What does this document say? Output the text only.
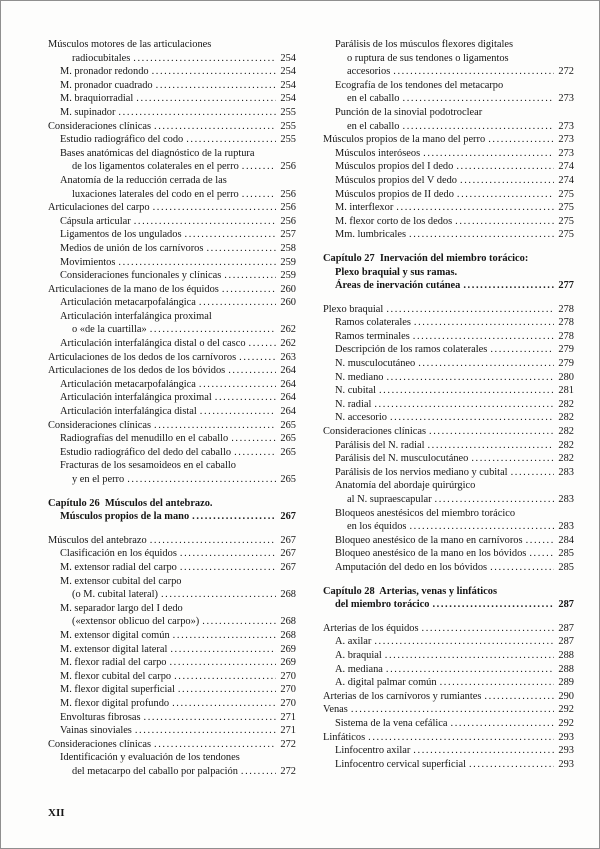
Músculos motores de las articulaciones
radiocubitales .....	254
M. pronador redondo .....	254
M. pronador cuadrado .....	254
M. braquiorradial .....	254
M. supinador .....	255
Consideraciones clínicas .....	255
Estudio radiográfico del codo .....	255
Bases anatómicas del diagnóstico de la ruptura
de los ligamentos colaterales en el perro .....	256
Anatomía de la reducción cerrada de las
luxaciones laterales del codo en el perro .....	256
Articulaciones del carpo .....	256
Cápsula articular .....	256
Ligamentos de los ungulados .....	257
Medios de unión de los carnívoros .....	258
Movimientos .....	259
Consideraciones funcionales y clínicas .....	259
Articulaciones de la mano de los équidos .....	260
Articulación metacarpofalángica .....	260
Articulación interfalángica proximal
o «de la cuartilla» .....	262
Articulación interfalángica distal o del casco .....	262
Articulaciones de los dedos de los carnívoros .....	263
Articulaciones de los dedos de los bóvidos .....	264
Articulación metacarpofalángica .....	264
Articulación interfalángica proximal .....	264
Articulación interfalángica distal .....	264
Consideraciones clínicas .....	265
Radiografías del menudillo en el caballo .....	265
Estudio radiográfico del dedo del caballo .....	265
Fracturas de los sesamoideos en el caballo
y en el perro .....	265
Capítulo 26  Músculos del antebrazo.
Músculos propios de la mano .....	267
Músculos del antebrazo .....	267
Clasificación en los équidos .....	267
M. extensor radial del carpo .....	267
M. extensor cubital del carpo
(o M. cubital lateral) .....	268
M. separador largo del I dedo
(«extensor oblicuo del carpo») .....	268
M. extensor digital común .....	268
M. extensor digital lateral .....	269
M. flexor radial del carpo .....	269
M. flexor cubital del carpo .....	270
M. flexor digital superficial .....	270
M. flexor digital profundo .....	270
Envolturas fibrosas .....	271
Vainas sinoviales .....	271
Consideraciones clínicas .....	272
Identificación y evaluación de los tendones
del metacarpo del caballo por palpación .....	272
Parálisis de los músculos flexores digitales
o ruptura de sus tendones o ligamentos
accesorios .....	272
Ecografía de los tendones del metacarpo
en el caballo .....	273
Punción de la sinovial podotroclear
en el caballo .....	273
Músculos propios de la mano del perro .....	273
Músculos interóseos .....	273
Músculos propios del I dedo .....	274
Músculos propios del V dedo .....	274
Músculos propios de II dedo .....	275
M. interflexor .....	275
M. flexor corto de los dedos .....	275
Mm. lumbricales .....	275
Capítulo 27  Inervación del miembro torácico:
Plexo braquial y sus ramas.
Áreas de inervación cutánea .....	277
Plexo braquial .....	278
Ramos colaterales .....	278
Ramos terminales .....	278
Descripción de los ramos colaterales .....	279
N. musculocutáneo .....	279
N. mediano .....	280
N. cubital .....	281
N. radial .....	282
N. accesorio .....	282
Consideraciones clínicas .....	282
Parálisis del N. radial .....	282
Parálisis del N. musculocutáneo .....	282
Parálisis de los nervios mediano y cubital .....	283
Anatomía del abordaje quirúrgico
al N. supraescapular .....	283
Bloqueos anestésicos del miembro torácico
en los équidos .....	283
Bloqueo anestésico de la mano en carnívoros .....	284
Bloqueo anestésico de la mano en los bóvidos .....	285
Amputación del dedo en los bóvidos .....	285
Capítulo 28  Arterias, venas y linfáticos
del miembro torácico .....	287
Arterias de los équidos .....	287
A. axilar .....	287
A. braquial .....	288
A. mediana .....	288
A. digital palmar común .....	289
Arterias de los carnívoros y rumiantes .....	290
Venas .....	292
Sistema de la vena cefálica .....	292
Linfáticos .....	293
Linfocentro axilar .....	293
Linfocentro cervical superficial .....	293
XII
